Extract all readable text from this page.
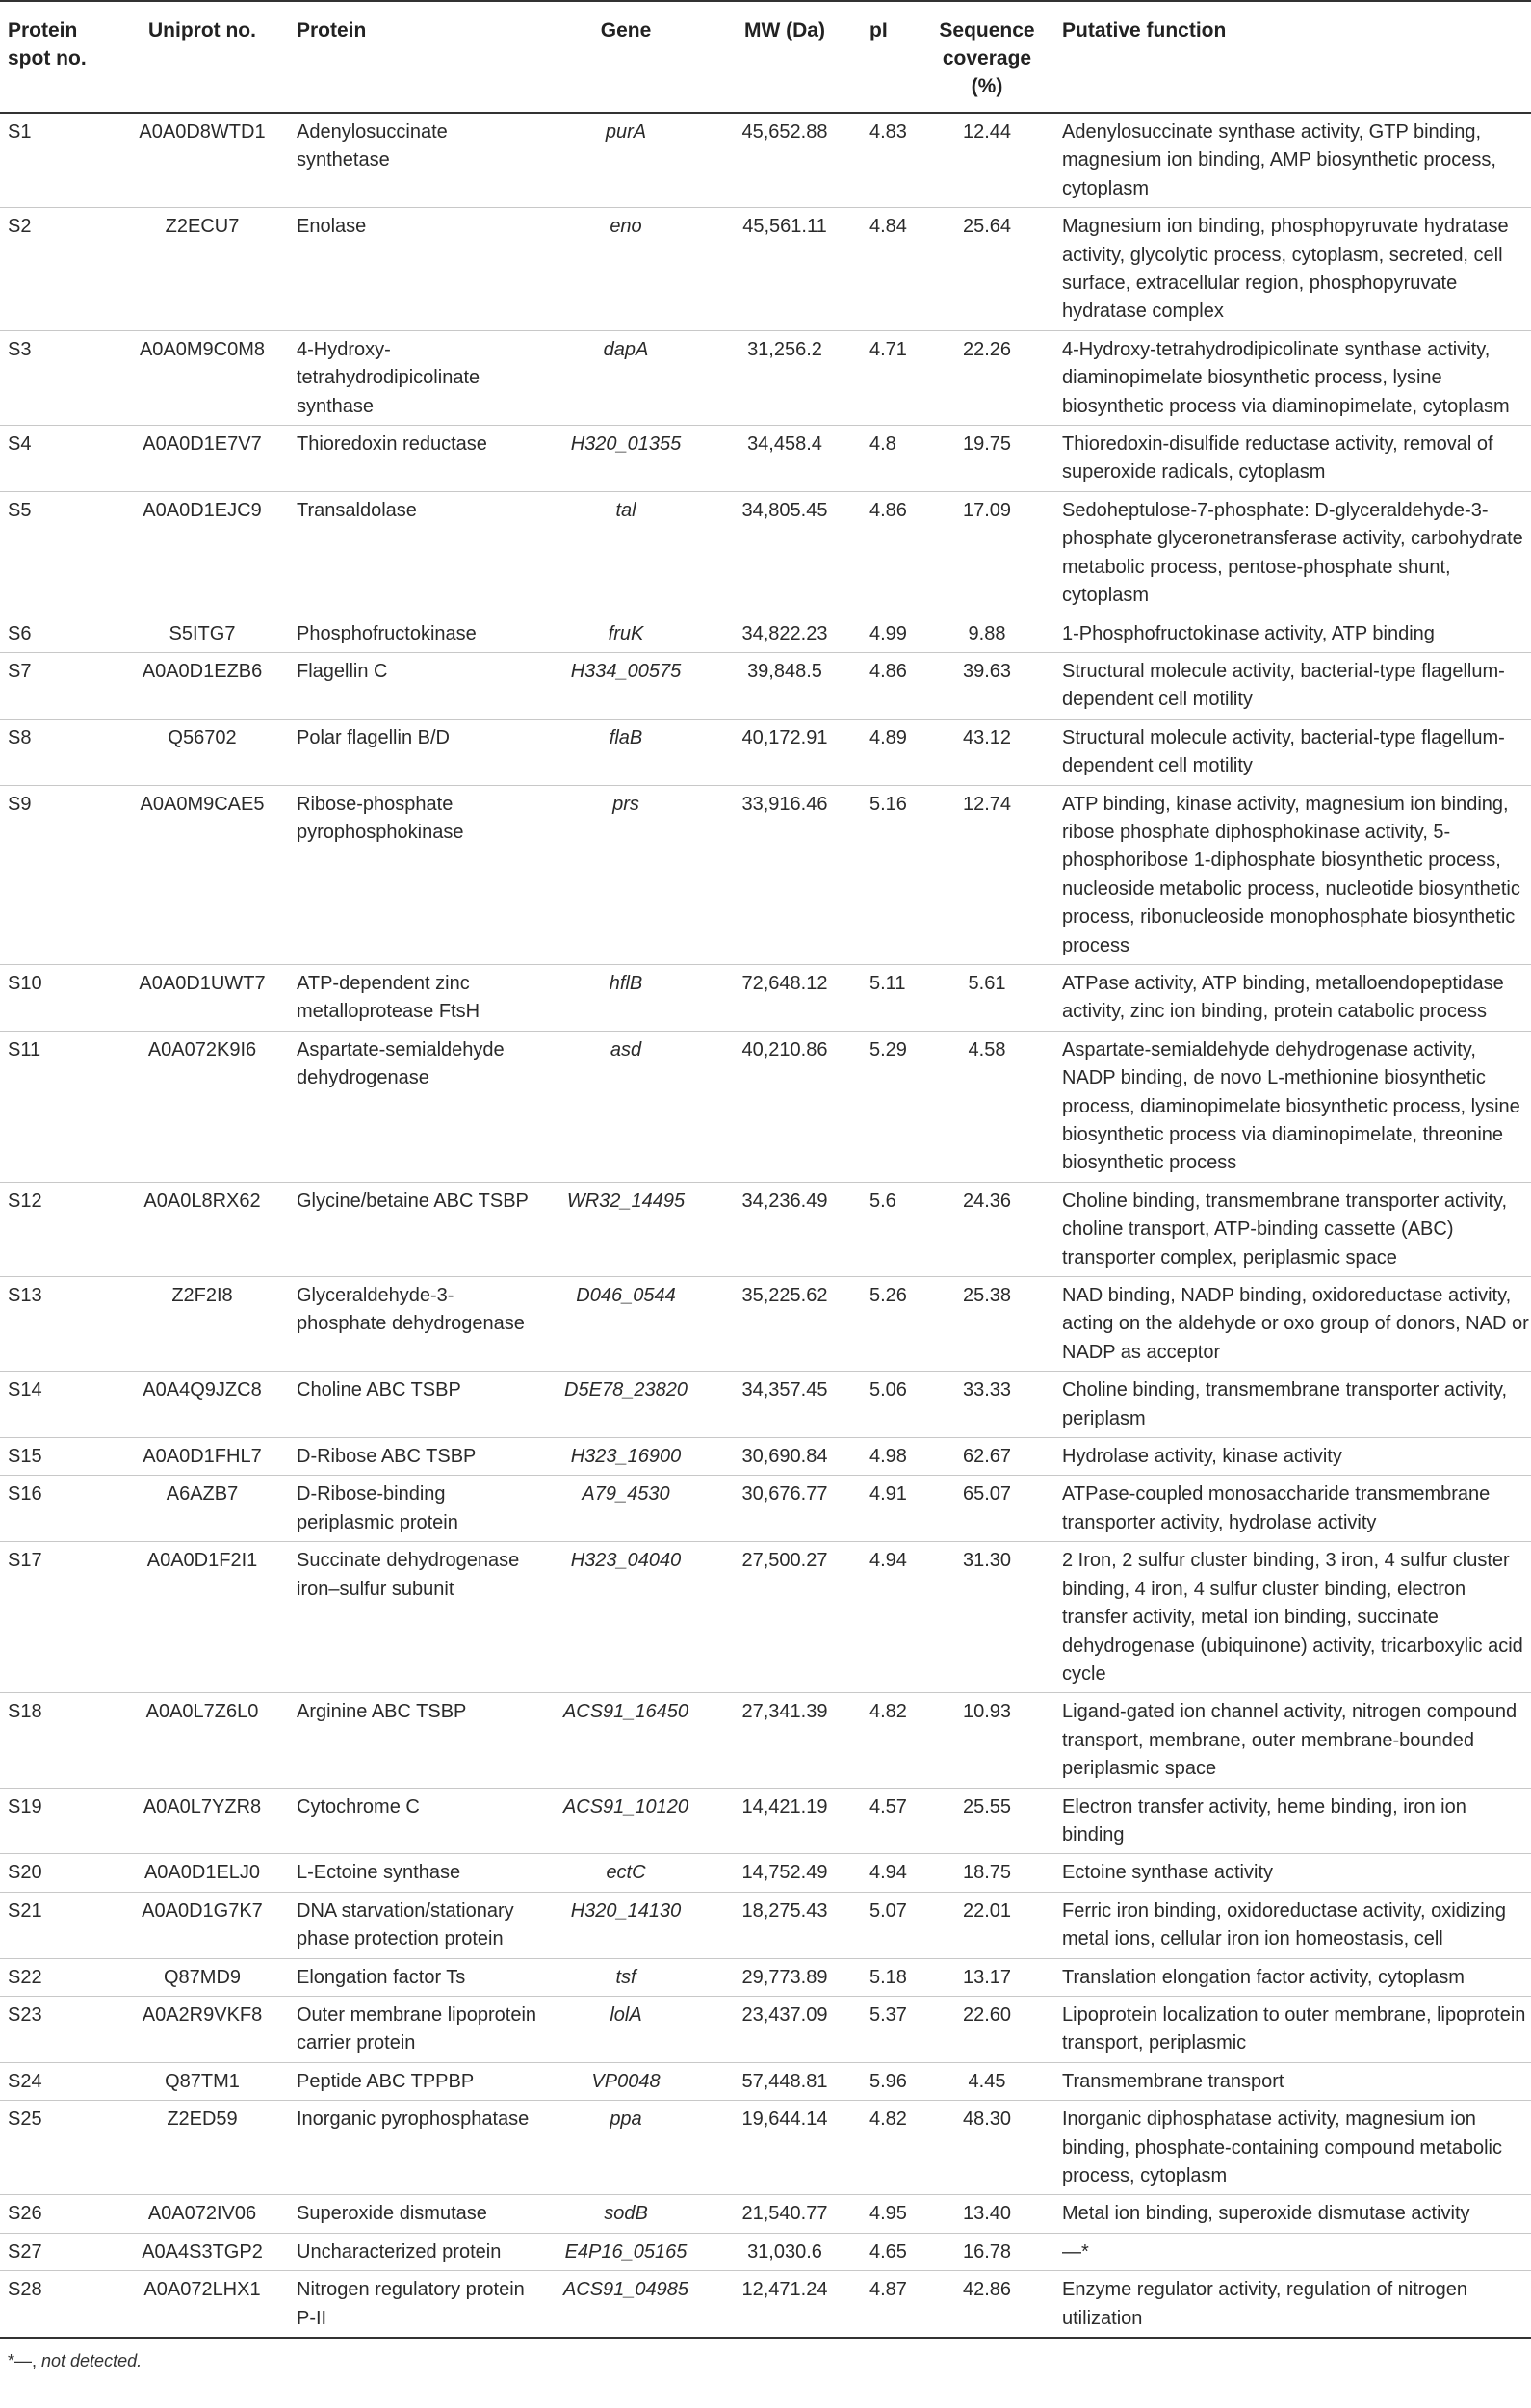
Protein spot no.	Uniprot no.	Protein	Gene	MW (Da)	pI	Sequence coverage (%)	Putative function
S1	A0A0D8WTD1	Adenylosuccinate synthetase	purA	45,652.88	4.83	12.44	Adenylosuccinate synthase activity, GTP binding, magnesium ion binding, AMP biosynthetic process, cytoplasm
S2	Z2ECU7	Enolase	eno	45,561.11	4.84	25.64	Magnesium ion binding, phosphopyruvate hydratase activity, glycolytic process, cytoplasm, secreted, cell surface, extracellular region, phosphopyruvate hydratase complex
S3	A0A0M9C0M8	4-Hydroxy-tetrahydrodipicolinate synthase	dapA	31,256.2	4.71	22.26	4-Hydroxy-tetrahydrodipicolinate synthase activity, diaminopimelate biosynthetic process, lysine biosynthetic process via diaminopimelate, cytoplasm
S4	A0A0D1E7V7	Thioredoxin reductase	H320_01355	34,458.4	4.8	19.75	Thioredoxin-disulfide reductase activity, removal of superoxide radicals, cytoplasm
S5	A0A0D1EJC9	Transaldolase	tal	34,805.45	4.86	17.09	Sedoheptulose-7-phosphate: D-glyceraldehyde-3-phosphate glyceronetransferase activity, carbohydrate metabolic process, pentose-phosphate shunt, cytoplasm
S6	S5ITG7	Phosphofructokinase	fruK	34,822.23	4.99	9.88	1-Phosphofructokinase activity, ATP binding
S7	A0A0D1EZB6	Flagellin C	H334_00575	39,848.5	4.86	39.63	Structural molecule activity, bacterial-type flagellum-dependent cell motility
S8	Q56702	Polar flagellin B/D	flaB	40,172.91	4.89	43.12	Structural molecule activity, bacterial-type flagellum-dependent cell motility
S9	A0A0M9CAE5	Ribose-phosphate pyrophosphokinase	prs	33,916.46	5.16	12.74	ATP binding, kinase activity, magnesium ion binding, ribose phosphate diphosphokinase activity, 5-phosphoribose 1-diphosphate biosynthetic process, nucleoside metabolic process, nucleotide biosynthetic process, ribonucleoside monophosphate biosynthetic process
S10	A0A0D1UWT7	ATP-dependent zinc metalloprotease FtsH	hflB	72,648.12	5.11	5.61	ATPase activity, ATP binding, metalloendopeptidase activity, zinc ion binding, protein catabolic process
S11	A0A072K9I6	Aspartate-semialdehyde dehydrogenase	asd	40,210.86	5.29	4.58	Aspartate-semialdehyde dehydrogenase activity, NADP binding, de novo L-methionine biosynthetic process, diaminopimelate biosynthetic process, lysine biosynthetic process via diaminopimelate, threonine biosynthetic process
S12	A0A0L8RX62	Glycine/betaine ABC TSBP	WR32_14495	34,236.49	5.6	24.36	Choline binding, transmembrane transporter activity, choline transport, ATP-binding cassette (ABC) transporter complex, periplasmic space
S13	Z2F2I8	Glyceraldehyde-3-phosphate dehydrogenase	D046_0544	35,225.62	5.26	25.38	NAD binding, NADP binding, oxidoreductase activity, acting on the aldehyde or oxo group of donors, NAD or NADP as acceptor
S14	A0A4Q9JZC8	Choline ABC TSBP	D5E78_23820	34,357.45	5.06	33.33	Choline binding, transmembrane transporter activity, periplasm
S15	A0A0D1FHL7	D-Ribose ABC TSBP	H323_16900	30,690.84	4.98	62.67	Hydrolase activity, kinase activity
S16	A6AZB7	D-Ribose-binding periplasmic protein	A79_4530	30,676.77	4.91	65.07	ATPase-coupled monosaccharide transmembrane transporter activity, hydrolase activity
S17	A0A0D1F2I1	Succinate dehydrogenase iron–sulfur subunit	H323_04040	27,500.27	4.94	31.30	2 Iron, 2 sulfur cluster binding, 3 iron, 4 sulfur cluster binding, 4 iron, 4 sulfur cluster binding, electron transfer activity, metal ion binding, succinate dehydrogenase (ubiquinone) activity, tricarboxylic acid cycle
S18	A0A0L7Z6L0	Arginine ABC TSBP	ACS91_16450	27,341.39	4.82	10.93	Ligand-gated ion channel activity, nitrogen compound transport, membrane, outer membrane-bounded periplasmic space
S19	A0A0L7YZR8	Cytochrome C	ACS91_10120	14,421.19	4.57	25.55	Electron transfer activity, heme binding, iron ion binding
S20	A0A0D1ELJ0	L-Ectoine synthase	ectC	14,752.49	4.94	18.75	Ectoine synthase activity
S21	A0A0D1G7K7	DNA starvation/stationary phase protection protein	H320_14130	18,275.43	5.07	22.01	Ferric iron binding, oxidoreductase activity, oxidizing metal ions, cellular iron ion homeostasis, cell
S22	Q87MD9	Elongation factor Ts	tsf	29,773.89	5.18	13.17	Translation elongation factor activity, cytoplasm
S23	A0A2R9VKF8	Outer membrane lipoprotein carrier protein	lolA	23,437.09	5.37	22.60	Lipoprotein localization to outer membrane, lipoprotein transport, periplasmic
S24	Q87TM1	Peptide ABC TPPBP	VP0048	57,448.81	5.96	4.45	Transmembrane transport
S25	Z2ED59	Inorganic pyrophosphatase	ppa	19,644.14	4.82	48.30	Inorganic diphosphatase activity, magnesium ion binding, phosphate-containing compound metabolic process, cytoplasm
S26	A0A072IV06	Superoxide dismutase	sodB	21,540.77	4.95	13.40	Metal ion binding, superoxide dismutase activity
S27	A0A4S3TGP2	Uncharacterized protein	E4P16_05165	31,030.6	4.65	16.78	—*
S28	A0A072LHX1	Nitrogen regulatory protein P-II	ACS91_04985	12,471.24	4.87	42.86	Enzyme regulator activity, regulation of nitrogen utilization
*—, not detected.
